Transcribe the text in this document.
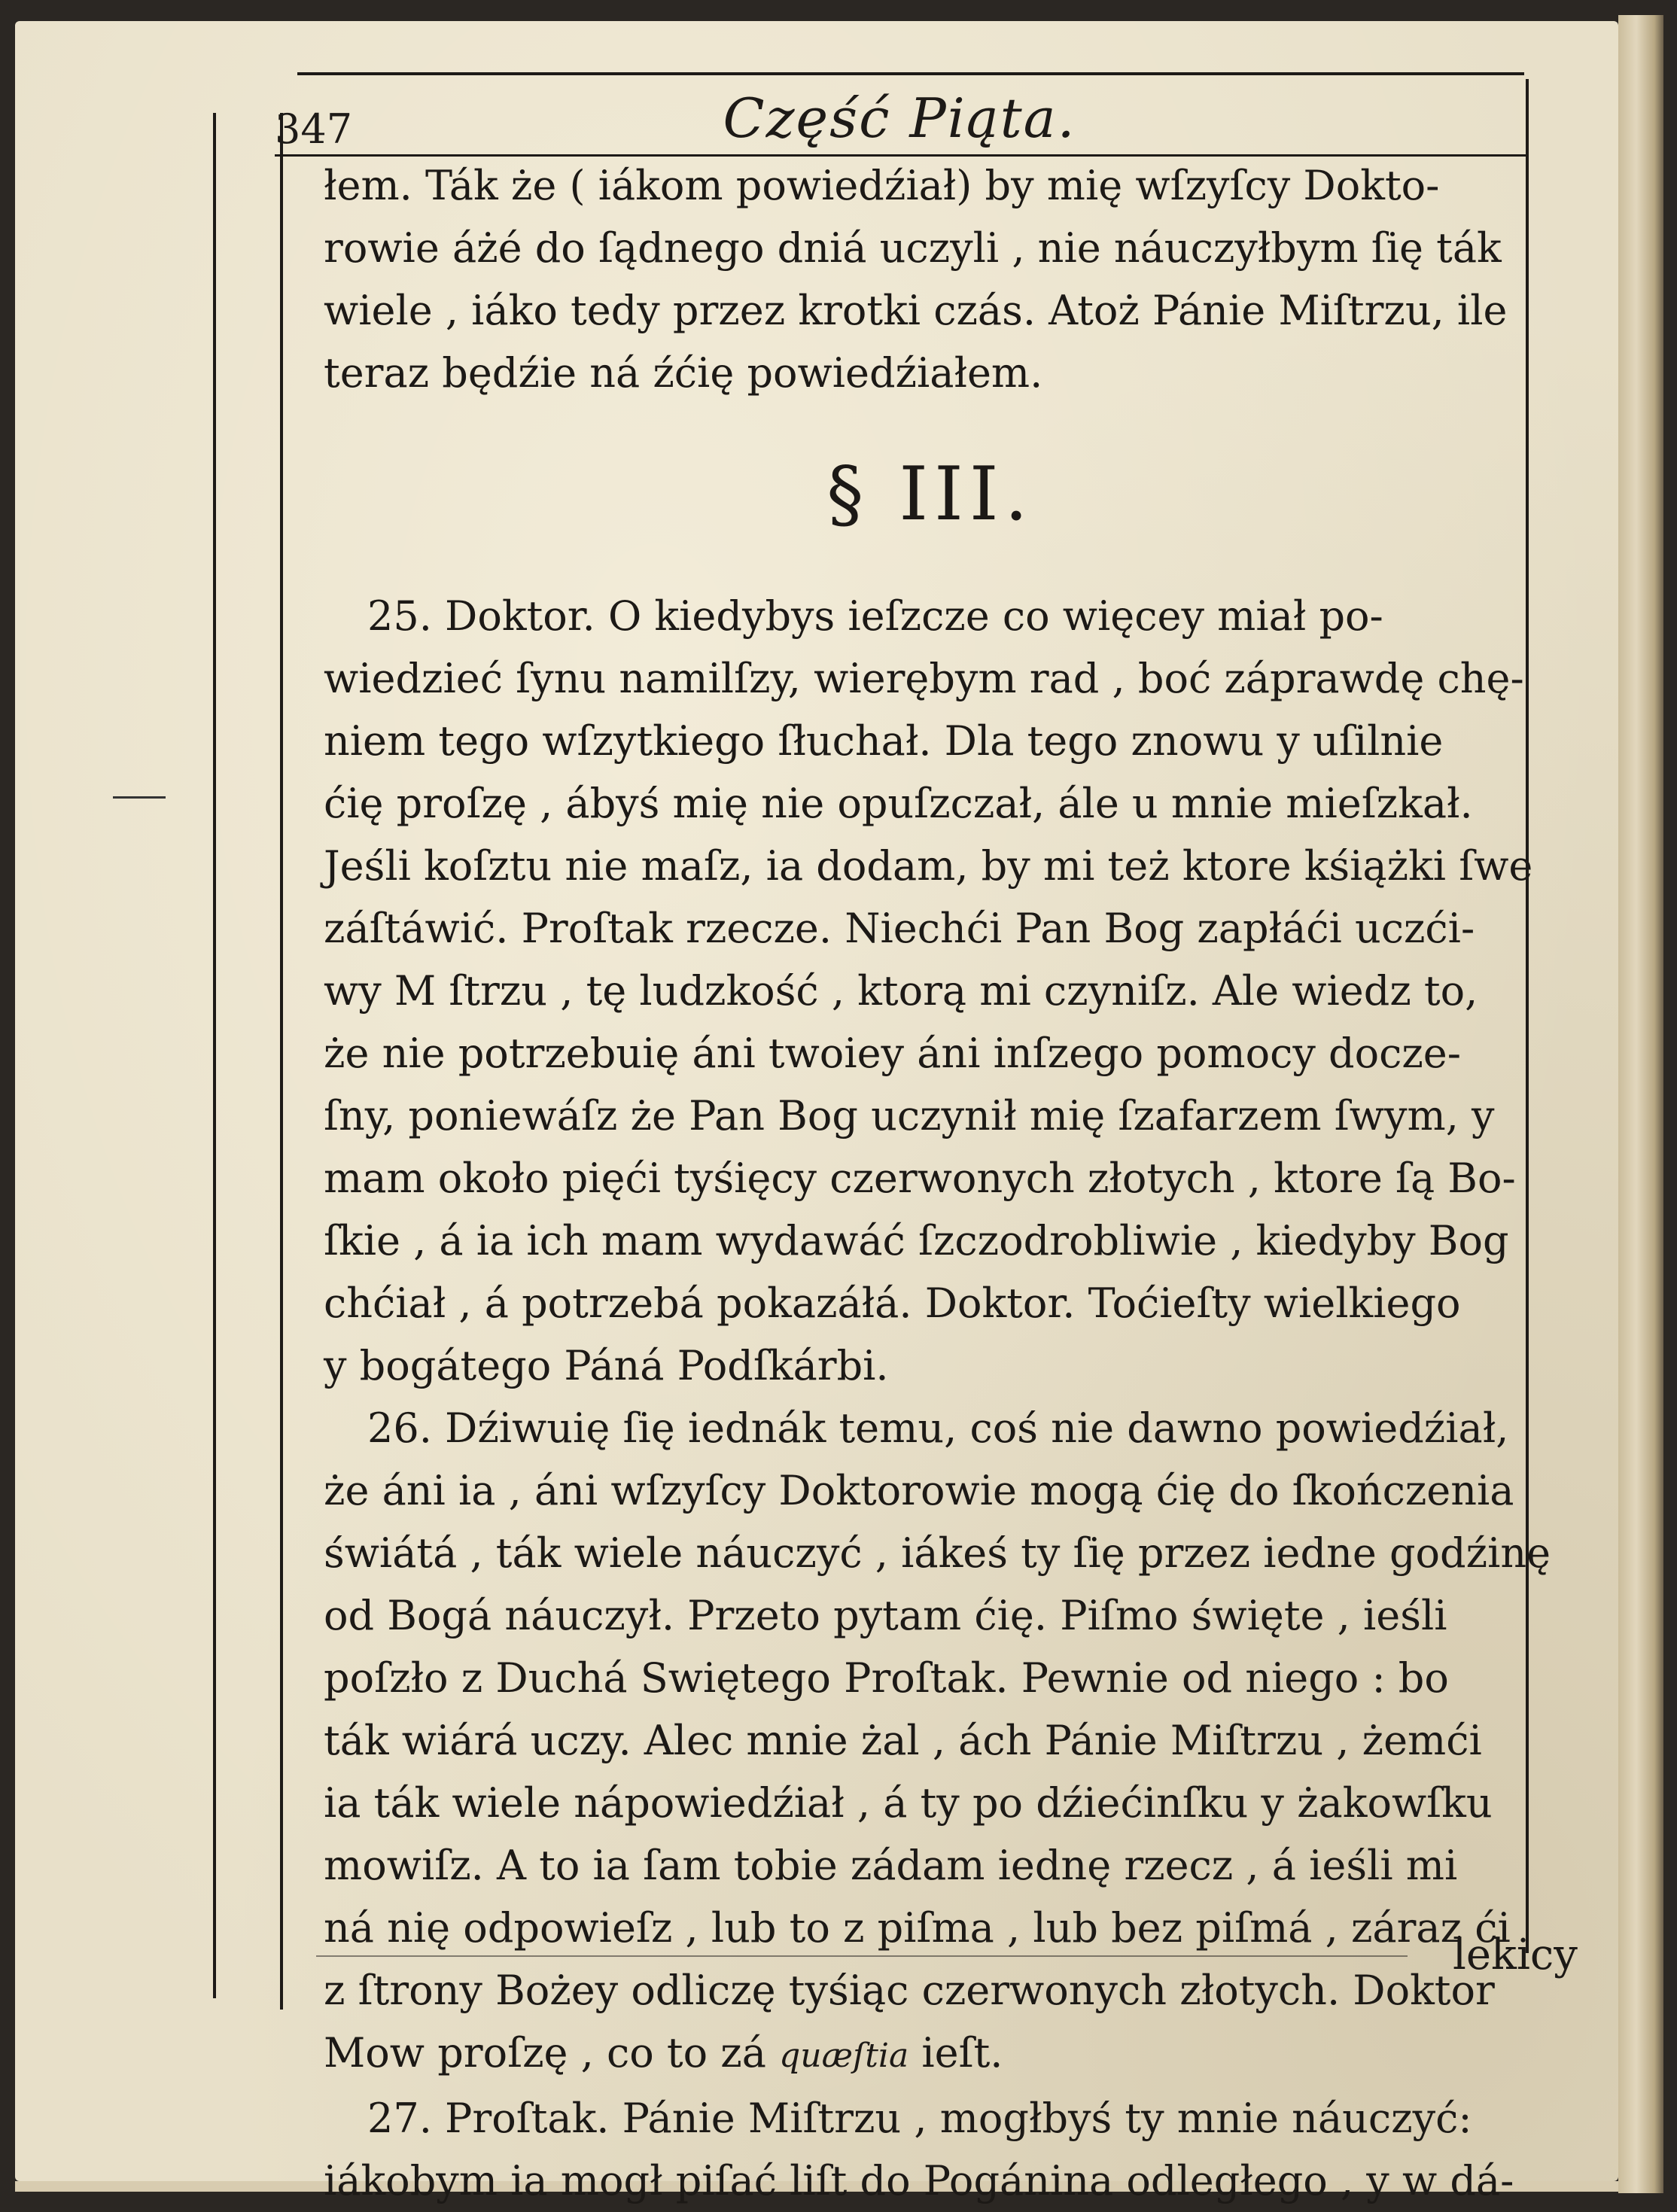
347	Część Piąta.
łem. Ták że ( iákom powiedźiał) by mię wſzyſcy Dokto-
rowie áżé do ſądnego dniá uczyli , nie náuczyłbym ſię ták
wiele , iáko tedy przez krotki czás. Atoż Pánie Miſtrzu, ile
teraz będźie ná źćię powiedźiałem.
§ III.
25. Doktor. O kiedybys ieſzcze co więcey miał po-
wiedzieć ſynu namilſzy, wierębym rad , boć záprawdę chę-
niem tego wſzytkiego ſłuchał. Dla tego znowu y uſilnie
ćię proſzę , ábyś mię nie opuſzczał, ále u mnie mieſzkał.
Jeśli koſztu nie maſz, ia dodam, by mi też ktore kśiążki ſwe
záſtáwić. Proſtak rzecze. Niechći Pan Bog zapłáći uczći-
wy M ſtrzu , tę ludzkość , ktorą mi czyniſz. Ale wiedz to,
że nie potrzebuię áni twoiey áni inſzego pomocy docze-
ſny, poniewáſz że Pan Bog uczynił mię ſzafarzem ſwym, y
mam około pięći tyśięcy czerwonych złotych , ktore ſą Bo-
ſkie , á ia ich mam wydawáć ſzczodrobliwie , kiedyby Bog
chćiał , á potrzebá pokazáłá. Doktor. Toćieſty wielkiego
y bogátego Páná Podſkárbi.
26. Dźiwuię ſię iednák temu, coś nie dawno powiedźiał,
że áni ia , áni wſzyſcy Doktorowie mogą ćię do ſkończenia
świátá , ták wiele náuczyć , iákeś ty ſię przez iedne godźinę
od Bogá náuczył. Przeto pytam ćię. Piſmo święte , ieśli
poſzło z Duchá Swiętego Proſtak. Pewnie od niego : bo
ták wiárá uczy. Alec mnie żal , ách Pánie Miſtrzu , żemći
ia ták wiele nápowiedźiał , á ty po dźiećinſku y żakowſku
mowiſz. A to ia ſam tobie zádam iednę rzecz , á ieśli mi
ná nię odpowieſz , lub to z piſma , lub bez piſmá , záraz ći
z ſtrony Bożey odliczę tyśiąc czerwonych złotych. Doktor
Mow proſzę , co to zá quæſtia ieſt.
27. Proſtak. Pánie Miſtrzu , mogłbyś ty mnie náuczyć:
iákobym ia mogł piſać liſt do Pogánina odległego , y w dá-
lekicy
